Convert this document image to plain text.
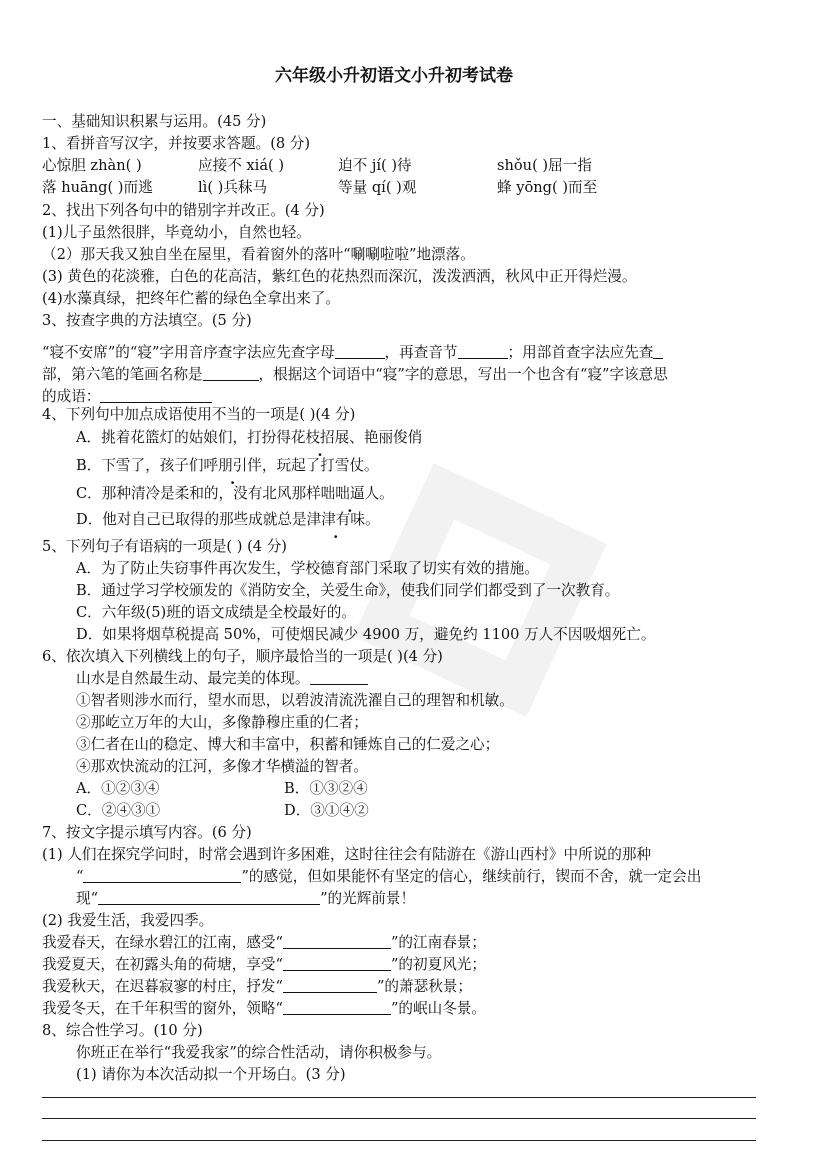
六年级小升初语文小升初考试卷
一、基础知识积累与运用。(45 分)
1、看拼音写汉字，并按要求答题。(8 分)
心惊胆 zhàn( )	应接不 xiá( )	迫不 jí( )待	shǒu( )屈一指
落 huāng( )而逃	lì( )兵秣马	等量 qí( )观	蜂 yōng( )而至
2、找出下列各句中的错别字并改正。(4 分)
(1)儿子虽然很胖，毕竟幼小，自然也轻。
（2）那天我又独自坐在屋里，看着窗外的落叶“唰唰啦啦”地漂落。
(3) 黄色的花淡雅，白色的花高洁，紫红色的花热烈而深沉，泼泼洒洒，秋风中正开得烂漫。
(4)水藻真绿，把终年伫蓄的绿色全拿出来了。
3、按查字典的方法填空。(5 分)
“寝不安席”的“寝”字用音序查字法应先查字母	，再查音节	；用部首查字法应先查
部，第六笔的笔画名称是	，根据这个词语中“寝”字的意思，写出一个也含有“寝”字该意思
的成语：
4、下列句中加点成语使用不当的一项是( )(4 分)
A．挑着花篮灯的姑娘们，打扮得花枝招展、艳丽俊俏
B．下雪了，孩子们呼朋引伴，玩起了打雪仗。
C．那种清冷是柔和的，没有北风那样咄咄逼人。
D．他对自己已取得的那些成就总是津津有味。
5、下列句子有语病的一项是( ) (4 分)
A．为了防止失窃事件再次发生，学校德育部门采取了切实有效的措施。
B．通过学习学校颁发的《消防安全，关爱生命》，使我们同学们都受到了一次教育。
C．六年级(5)班的语文成绩是全校最好的。
D．如果将烟草税提高 50%，可使烟民减少 4900 万，避免约 1100 万人不因吸烟死亡。
6、依次填入下列横线上的句子，顺序最恰当的一项是( )(4 分)
山水是自然最生动、最完美的体现。
①智者则涉水而行，望水而思，以碧波清流洗濯自己的理智和机敏。
②那屹立万年的大山，多像静穆庄重的仁者；
③仁者在山的稳定、博大和丰富中，积蓄和锤炼自己的仁爱之心；
④那欢快流动的江河，多像才华横溢的智者。
A．①②③④	B．①③②④
C．②④③①	D．③①④②
7、按文字提示填写内容。(6 分)
(1) 人们在探究学问时，时常会遇到许多困难，这时往往会有陆游在《游山西村》中所说的那种
“	”的感觉，但如果能怀有坚定的信心，继续前行，锲而不舍，就一定会出
现“	”的光辉前景！
(2) 我爱生活，我爱四季。
我爱春天，在绿水碧江的江南，感受“	”的江南春景；
我爱夏天，在初露头角的荷塘，享受“	”的初夏风光；
我爱秋天，在迟暮寂寥的村庄，抒发“	”的萧瑟秋景；
我爱冬天，在千年积雪的窗外，领略“	”的岷山冬景。
8、综合性学习。(10 分)
你班正在举行“我爱我家”的综合性活动，请你积极参与。
(1) 请你为本次活动拟一个开场白。(3 分)
